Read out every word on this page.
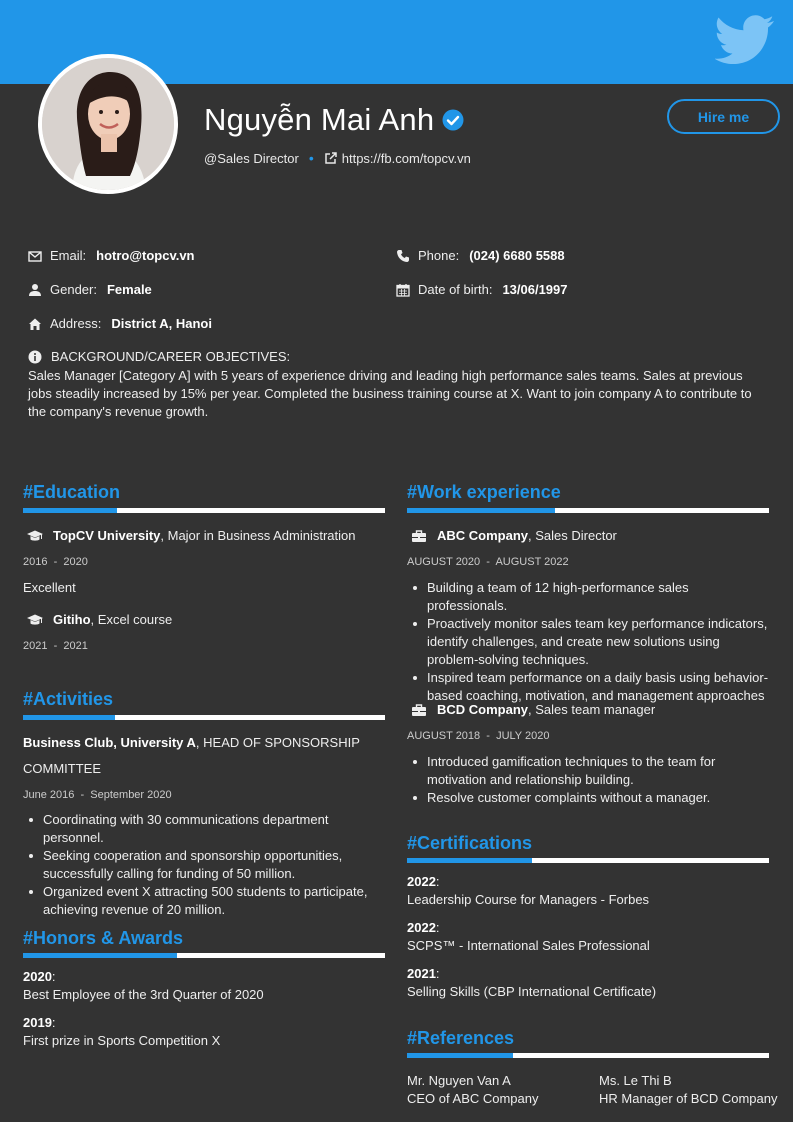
Nguyễn Mai Anh
@Sales Director • https://fb.com/topcv.vn
Hire me
Email: hotro@topcv.vn	Phone: (024) 6680 5588
Gender: Female	Date of birth: 13/06/1997
Address: District A, Hanoi
BACKGROUND/CAREER OBJECTIVES:
Sales Manager [Category A] with 5 years of experience driving and leading high performance sales teams. Sales at previous jobs steadily increased by 15% per year. Completed the business training course at X. Want to join company A to contribute to the company's revenue growth.
#Education
TopCV University, Major in Business Administration
2016  -  2020
Excellent
Gitiho, Excel course
2021  -  2021
#Activities
Business Club, University A, HEAD OF SPONSORSHIP
COMMITTEE
June 2016  -  September 2020
Coordinating with 30 communications department personnel.
Seeking cooperation and sponsorship opportunities, successfully calling for funding of 50 million.
Organized event X attracting 500 students to participate, achieving revenue of 20 million.
#Honors & Awards
2020:
Best Employee of the 3rd Quarter of 2020
2019:
First prize in Sports Competition X
#Work experience
ABC Company, Sales Director
AUGUST 2020  -  AUGUST 2022
Building a team of 12 high-performance sales professionals.
Proactively monitor sales team key performance indicators, identify challenges, and create new solutions using problem-solving techniques.
Inspired team performance on a daily basis using behavior-based coaching, motivation, and management approaches
BCD Company, Sales team manager
AUGUST 2018  -  JULY 2020
Introduced gamification techniques to the team for motivation and relationship building.
Resolve customer complaints without a manager.
#Certifications
2022:
Leadership Course for Managers - Forbes
2022:
SCPS™ - International Sales Professional
2021:
Selling Skills (CBP International Certificate)
#References
Mr. Nguyen Van A
CEO of ABC Company
Ms. Le Thi B
HR Manager of BCD Company
